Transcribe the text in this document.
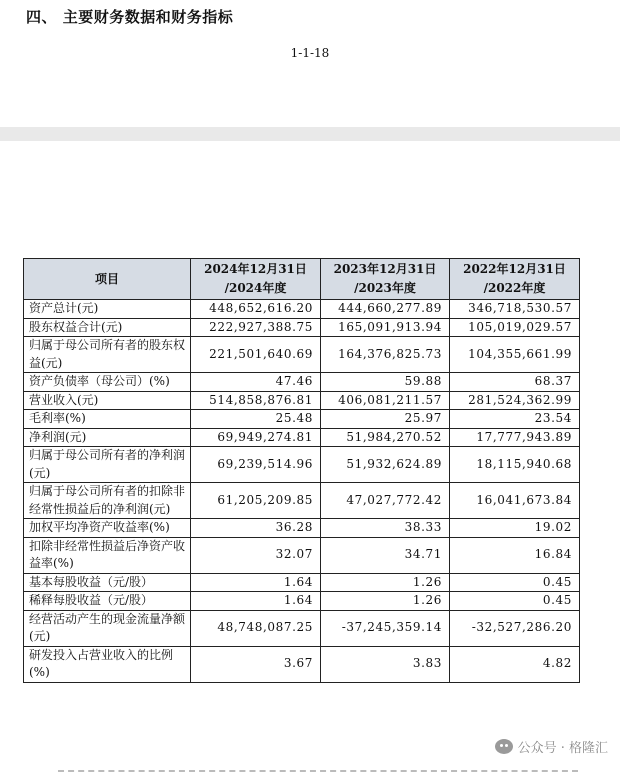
四、 主要财务数据和财务指标
1-1-18
项目	2024年12月31日 /2024年度	2023年12月31日 /2023年度	2022年12月31日 /2022年度
资产总计(元)	448,652,616.20	444,660,277.89	346,718,530.57
股东权益合计(元)	222,927,388.75	165,091,913.94	105,019,029.57
归属于母公司所有者的股东权益(元)	221,501,640.69	164,376,825.73	104,355,661.99
资产负债率（母公司）(%)	47.46	59.88	68.37
营业收入(元)	514,858,876.81	406,081,211.57	281,524,362.99
毛利率(%)	25.48	25.97	23.54
净利润(元)	69,949,274.81	51,984,270.52	17,777,943.89
归属于母公司所有者的净利润(元)	69,239,514.96	51,932,624.89	18,115,940.68
归属于母公司所有者的扣除非经常性损益后的净利润(元)	61,205,209.85	47,027,772.42	16,041,673.84
加权平均净资产收益率(%)	36.28	38.33	19.02
扣除非经常性损益后净资产收益率(%)	32.07	34.71	16.84
基本每股收益（元/股）	1.64	1.26	0.45
稀释每股收益（元/股）	1.64	1.26	0.45
经营活动产生的现金流量净额(元)	48,748,087.25	-37,245,359.14	-32,527,286.20
研发投入占营业收入的比例(%)	3.67	3.83	4.82
公众号 · 格隆汇
